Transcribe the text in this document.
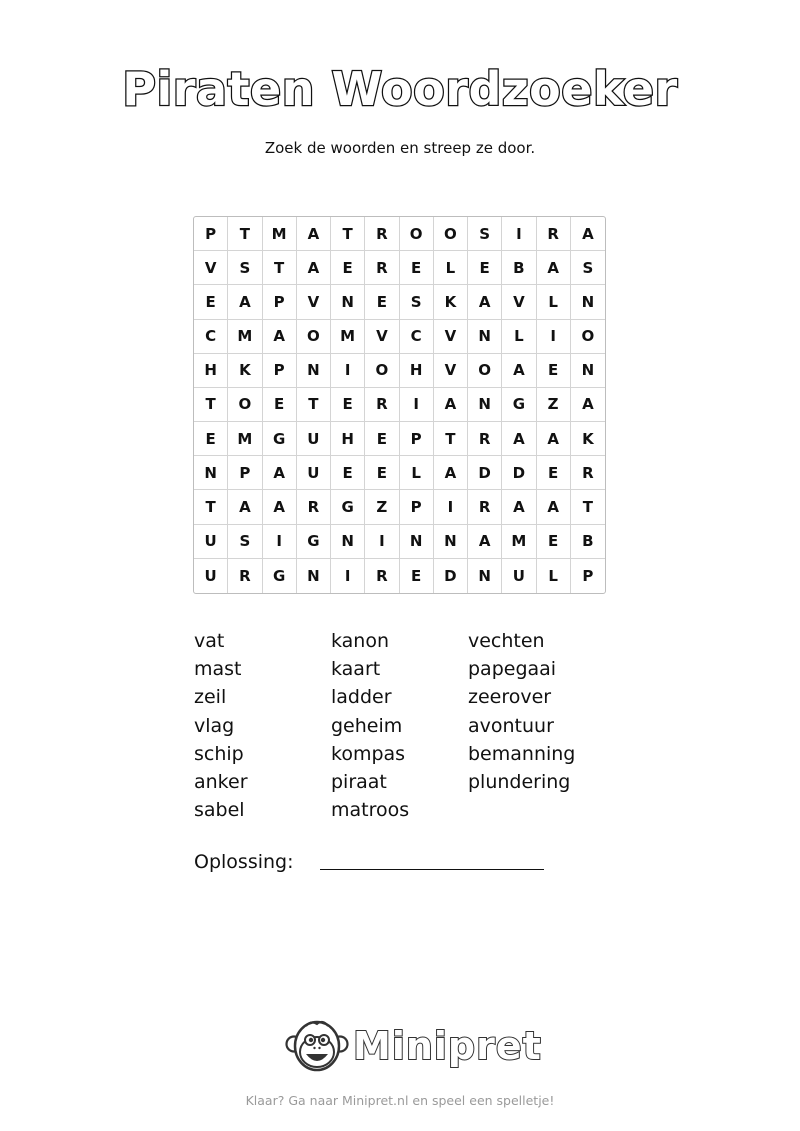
Piraten Woordzoeker
Zoek de woorden en streep ze door.
P	T	M	A	T	R	O	O	S	I	R	A
V	S	T	A	E	R	E	L	E	B	A	S
E	A	P	V	N	E	S	K	A	V	L	N
C	M	A	O	M	V	C	V	N	L	I	O
H	K	P	N	I	O	H	V	O	A	E	N
T	O	E	T	E	R	I	A	N	G	Z	A
E	M	G	U	H	E	P	T	R	A	A	K
N	P	A	U	E	E	L	A	D	D	E	R
T	A	A	R	G	Z	P	I	R	A	A	T
U	S	I	G	N	I	N	N	A	M	E	B
U	R	G	N	I	R	E	D	N	U	L	P
vat
mast
zeil
vlag
schip
anker
sabel
kanon
kaart
ladder
geheim
kompas
piraat
matroos
vechten
papegaai
zeerover
avontuur
bemanning
plundering
Oplossing:
Minipret
Klaar? Ga naar Minipret.nl en speel een spelletje!
